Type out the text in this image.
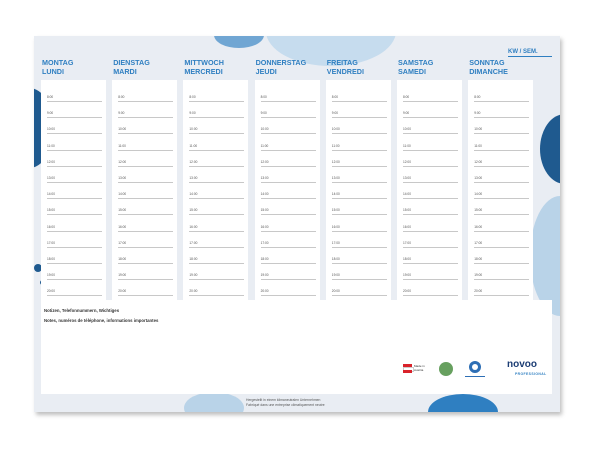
KW / SEM.
MONTAG
LUNDI
8:00
9:00
10:00
11:00
12:00
13:00
14:00
15:00
16:00
17:00
18:00
19:00
20:00
DIENSTAG
MARDI
8:00
9:00
10:00
11:00
12:00
13:00
14:00
15:00
16:00
17:00
18:00
19:00
20:00
MITTWOCH
MERCREDI
8:00
9:00
10:00
11:00
12:00
13:00
14:00
15:00
16:00
17:00
18:00
19:00
20:00
DONNERSTAG
JEUDI
8:00
9:00
10:00
11:00
12:00
13:00
14:00
15:00
16:00
17:00
18:00
19:00
20:00
FREITAG
VENDREDI
8:00
9:00
10:00
11:00
12:00
13:00
14:00
15:00
16:00
17:00
18:00
19:00
20:00
SAMSTAG
SAMEDI
8:00
9:00
10:00
11:00
12:00
13:00
14:00
15:00
16:00
17:00
18:00
19:00
20:00
SONNTAG
DIMANCHE
8:00
9:00
10:00
11:00
12:00
13:00
14:00
15:00
16:00
17:00
18:00
19:00
20:00
Notizen, Telefonnummern, Wichtiges
Notes, numéros de téléphone, informations importantes
Made in Austria	novoo
PROFESSIONAL
Hergestellt in einem klimaneutralen Unternehmen
Fabriqué dans une entreprise climatiquement neutre
